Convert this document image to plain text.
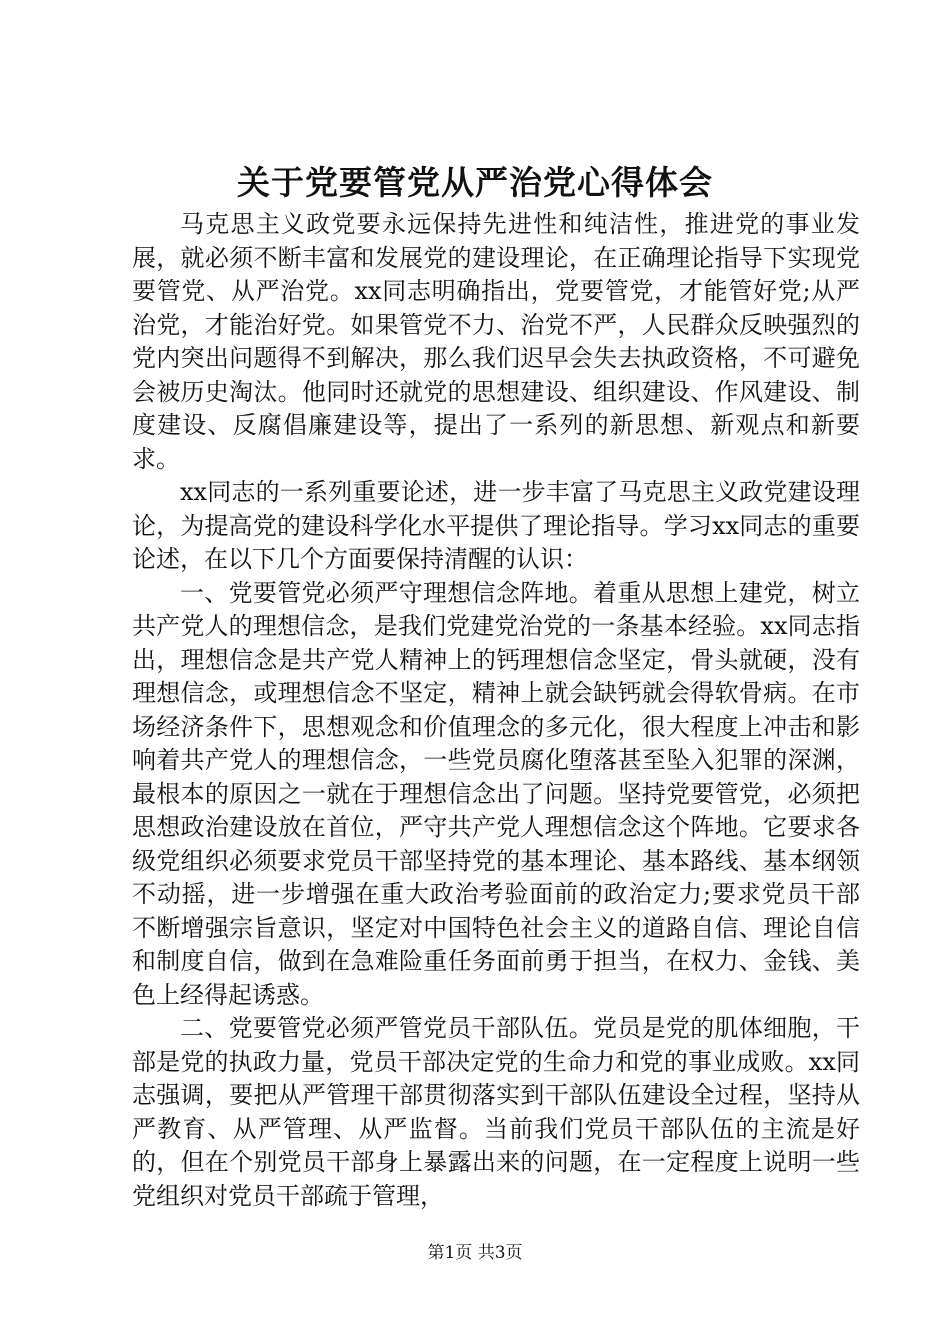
关于党要管党从严治党心得体会

马克思主义政党要永远保持先进性和纯洁性，推进党的事业发展，就必须不断丰富和发展党的建设理论，在正确理论指导下实现党要管党、从严治党。xx同志明确指出，党要管党，才能管好党;从严治党，才能治好党。如果管党不力、治党不严，人民群众反映强烈的党内突出问题得不到解决，那么我们迟早会失去执政资格，不可避免会被历史淘汰。他同时还就党的思想建设、组织建设、作风建设、制度建设、反腐倡廉建设等，提出了一系列的新思想、新观点和新要求。

xx同志的一系列重要论述，进一步丰富了马克思主义政党建设理论，为提高党的建设科学化水平提供了理论指导。学习xx同志的重要论述，在以下几个方面要保持清醒的认识：

一、党要管党必须严守理想信念阵地。着重从思想上建党，树立共产党人的理想信念，是我们党建党治党的一条基本经验。xx同志指出，理想信念是共产党人精神上的钙理想信念坚定，骨头就硬，没有理想信念，或理想信念不坚定，精神上就会缺钙就会得软骨病。在市场经济条件下，思想观念和价值理念的多元化，很大程度上冲击和影响着共产党人的理想信念，一些党员腐化堕落甚至坠入犯罪的深渊，最根本的原因之一就在于理想信念出了问题。坚持党要管党，必须把思想政治建设放在首位，严守共产党人理想信念这个阵地。它要求各级党组织必须要求党员干部坚持党的基本理论、基本路线、基本纲领不动摇，进一步增强在重大政治考验面前的政治定力;要求党员干部不断增强宗旨意识，坚定对中国特色社会主义的道路自信、理论自信和制度自信，做到在急难险重任务面前勇于担当，在权力、金钱、美色上经得起诱惑。

二、党要管党必须严管党员干部队伍。党员是党的肌体细胞，干部是党的执政力量，党员干部决定党的生命力和党的事业成败。xx同志强调，要把从严管理干部贯彻落实到干部队伍建设全过程，坚持从严教育、从严管理、从严监督。当前我们党员干部队伍的主流是好的，但在个别党员干部身上暴露出来的问题，在一定程度上说明一些党组织对党员干部疏于管理，

第1页 共3页
